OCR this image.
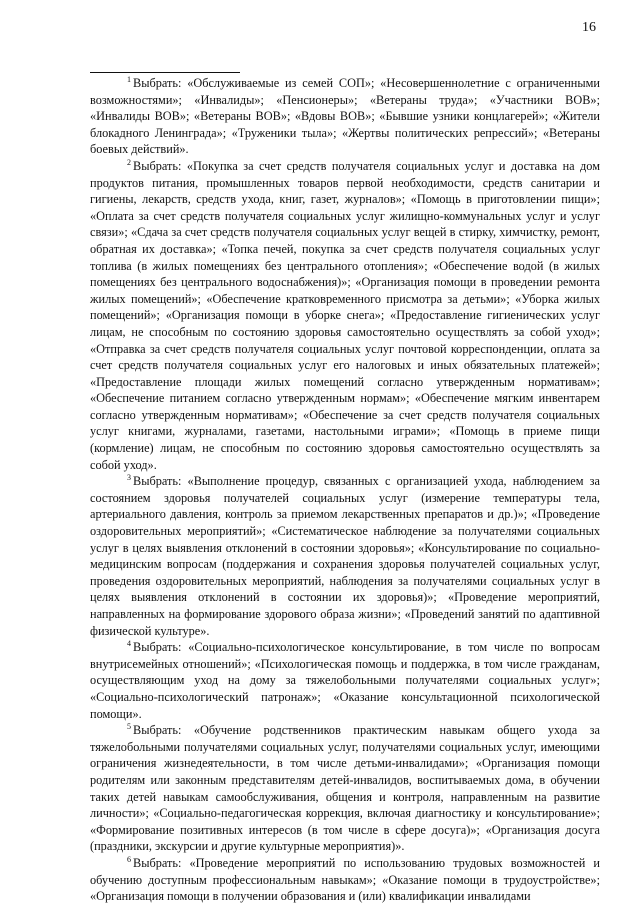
16

$^1$ Выбрать: «Обслуживаемые из семей СОП»; «Несовершеннолетние с ограниченными возможностями»; «Инвалиды»; «Пенсионеры»; «Ветераны труда»; «Участники ВОВ»; «Инвалиды ВОВ»; «Ветераны ВОВ»; «Вдовы ВОВ»; «Бывшие узники концлагерей»; «Жители блокадного Ленинграда»; «Труженики тыла»; «Жертвы политических репрессий»; «Ветераны боевых действий».

$^2$ Выбрать: «Покупка за счет средств получателя социальных услуг и доставка на дом продуктов питания, промышленных товаров первой необходимости, средств санитарии и гигиены, лекарств, средств ухода, книг, газет, журналов»; «Помощь в приготовлении пищи»; «Оплата за счет средств получателя социальных услуг жилищно-коммунальных услуг и услуг связи»; «Сдача за счет средств получателя социальных услуг вещей в стирку, химчистку, ремонт, обратная их доставка»; «Топка печей, покупка за счет средств получателя социальных услуг топлива (в жилых помещениях без центрального отопления»; «Обеспечение водой (в жилых помещениях без центрального водоснабжения)»; «Организация помощи в проведении ремонта жилых помещений»; «Обеспечение кратковременного присмотра за детьми»; «Уборка жилых помещений»; «Организация помощи в уборке снега»; «Предоставление гигиенических услуг лицам, не способным по состоянию здоровья самостоятельно осуществлять за собой уход»; «Отправка за счет средств получателя социальных услуг почтовой корреспонденции, оплата за счет средств получателя социальных услуг его налоговых и иных обязательных платежей»; «Предоставление площади жилых помещений согласно утвержденным нормативам»; «Обеспечение питанием согласно утвержденным нормам»; «Обеспечение мягким инвентарем согласно утвержденным нормативам»; «Обеспечение за счет средств получателя социальных услуг книгами, журналами, газетами, настольными играми»; «Помощь в приеме пищи (кормление) лицам, не способным по состоянию здоровья самостоятельно осуществлять за собой уход».

$^3$ Выбрать: «Выполнение процедур, связанных с организацией ухода, наблюдением за состоянием здоровья получателей социальных услуг (измерение температуры тела, артериального давления, контроль за приемом лекарственных препаратов и др.)»; «Проведение оздоровительных мероприятий»; «Систематическое наблюдение за получателями социальных услуг в целях выявления отклонений в состоянии здоровья»; «Консультирование по социально-медицинским вопросам (поддержания и сохранения здоровья получателей социальных услуг, проведения оздоровительных мероприятий, наблюдения за получателями социальных услуг в целях выявления отклонений в состоянии их здоровья)»; «Проведение мероприятий, направленных на формирование здорового образа жизни»; «Проведений занятий по адаптивной физической культуре».

$^4$ Выбрать: «Социально-психологическое консультирование, в том числе по вопросам внутрисемейных отношений»; «Психологическая помощь и поддержка, в том числе гражданам, осуществляющим уход на дому за тяжелобольными получателями социальных услуг»; «Социально-психологический патронаж»; «Оказание консультационной психологической помощи».

$^5$ Выбрать: «Обучение родственников практическим навыкам общего ухода за тяжелобольными получателями социальных услуг, получателями социальных услуг, имеющими ограничения жизнедеятельности, в том числе детьми-инвалидами»; «Организация помощи родителям или законным представителям детей-инвалидов, воспитываемых дома, в обучении таких детей навыкам самообслуживания, общения и контроля, направленным на развитие личности»; «Социально-педагогическая коррекция, включая диагностику и консультирование»; «Формирование позитивных интересов (в том числе в сфере досуга)»; «Организация досуга (праздники, экскурсии и другие культурные мероприятия)».

$^6$ Выбрать: «Проведение мероприятий по использованию трудовых возможностей и обучению доступным профессиональным навыкам»; «Оказание помощи в трудоустройстве»; «Организация помощи в получении образования и (или) квалификации инвалидами
